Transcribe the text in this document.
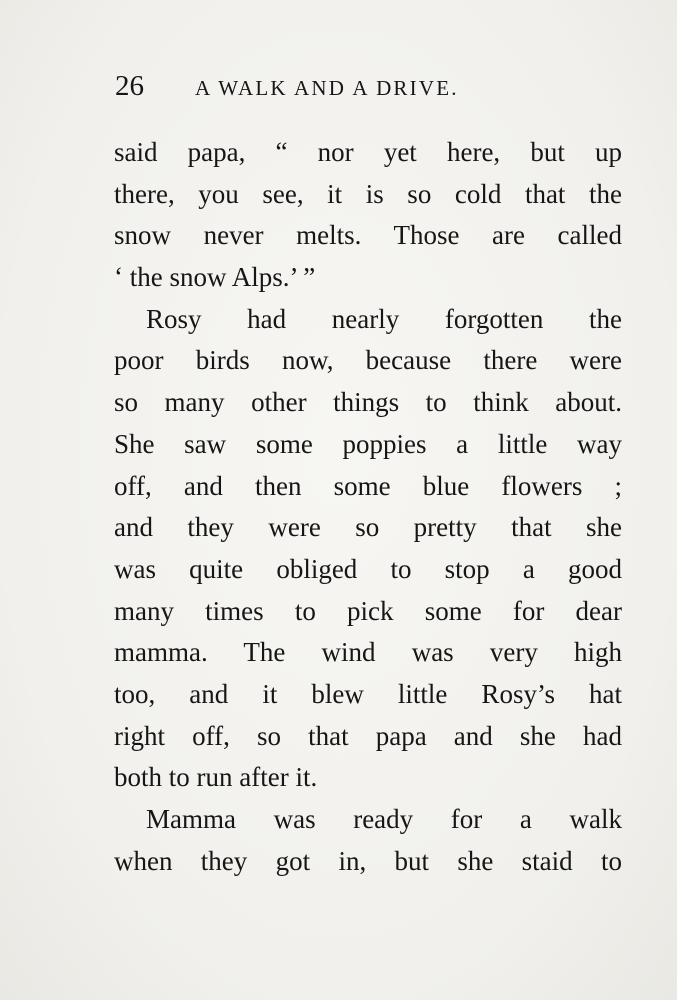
26 A WALK AND A DRIVE.
said papa, “ nor yet here, but up
there, you see, it is so cold that the
snow never melts. Those are called
‘ the snow Alps.’ ”
Rosy had nearly forgotten the
poor birds now, because there were
so many other things to think about.
She saw some poppies a little way
off, and then some blue flowers ;
and they were so pretty that she
was quite obliged to stop a good
many times to pick some for dear
mamma. The wind was very high
too, and it blew little Rosy’s hat
right off, so that papa and she had
both to run after it.
Mamma was ready for a walk
when they got in, but she staid to
